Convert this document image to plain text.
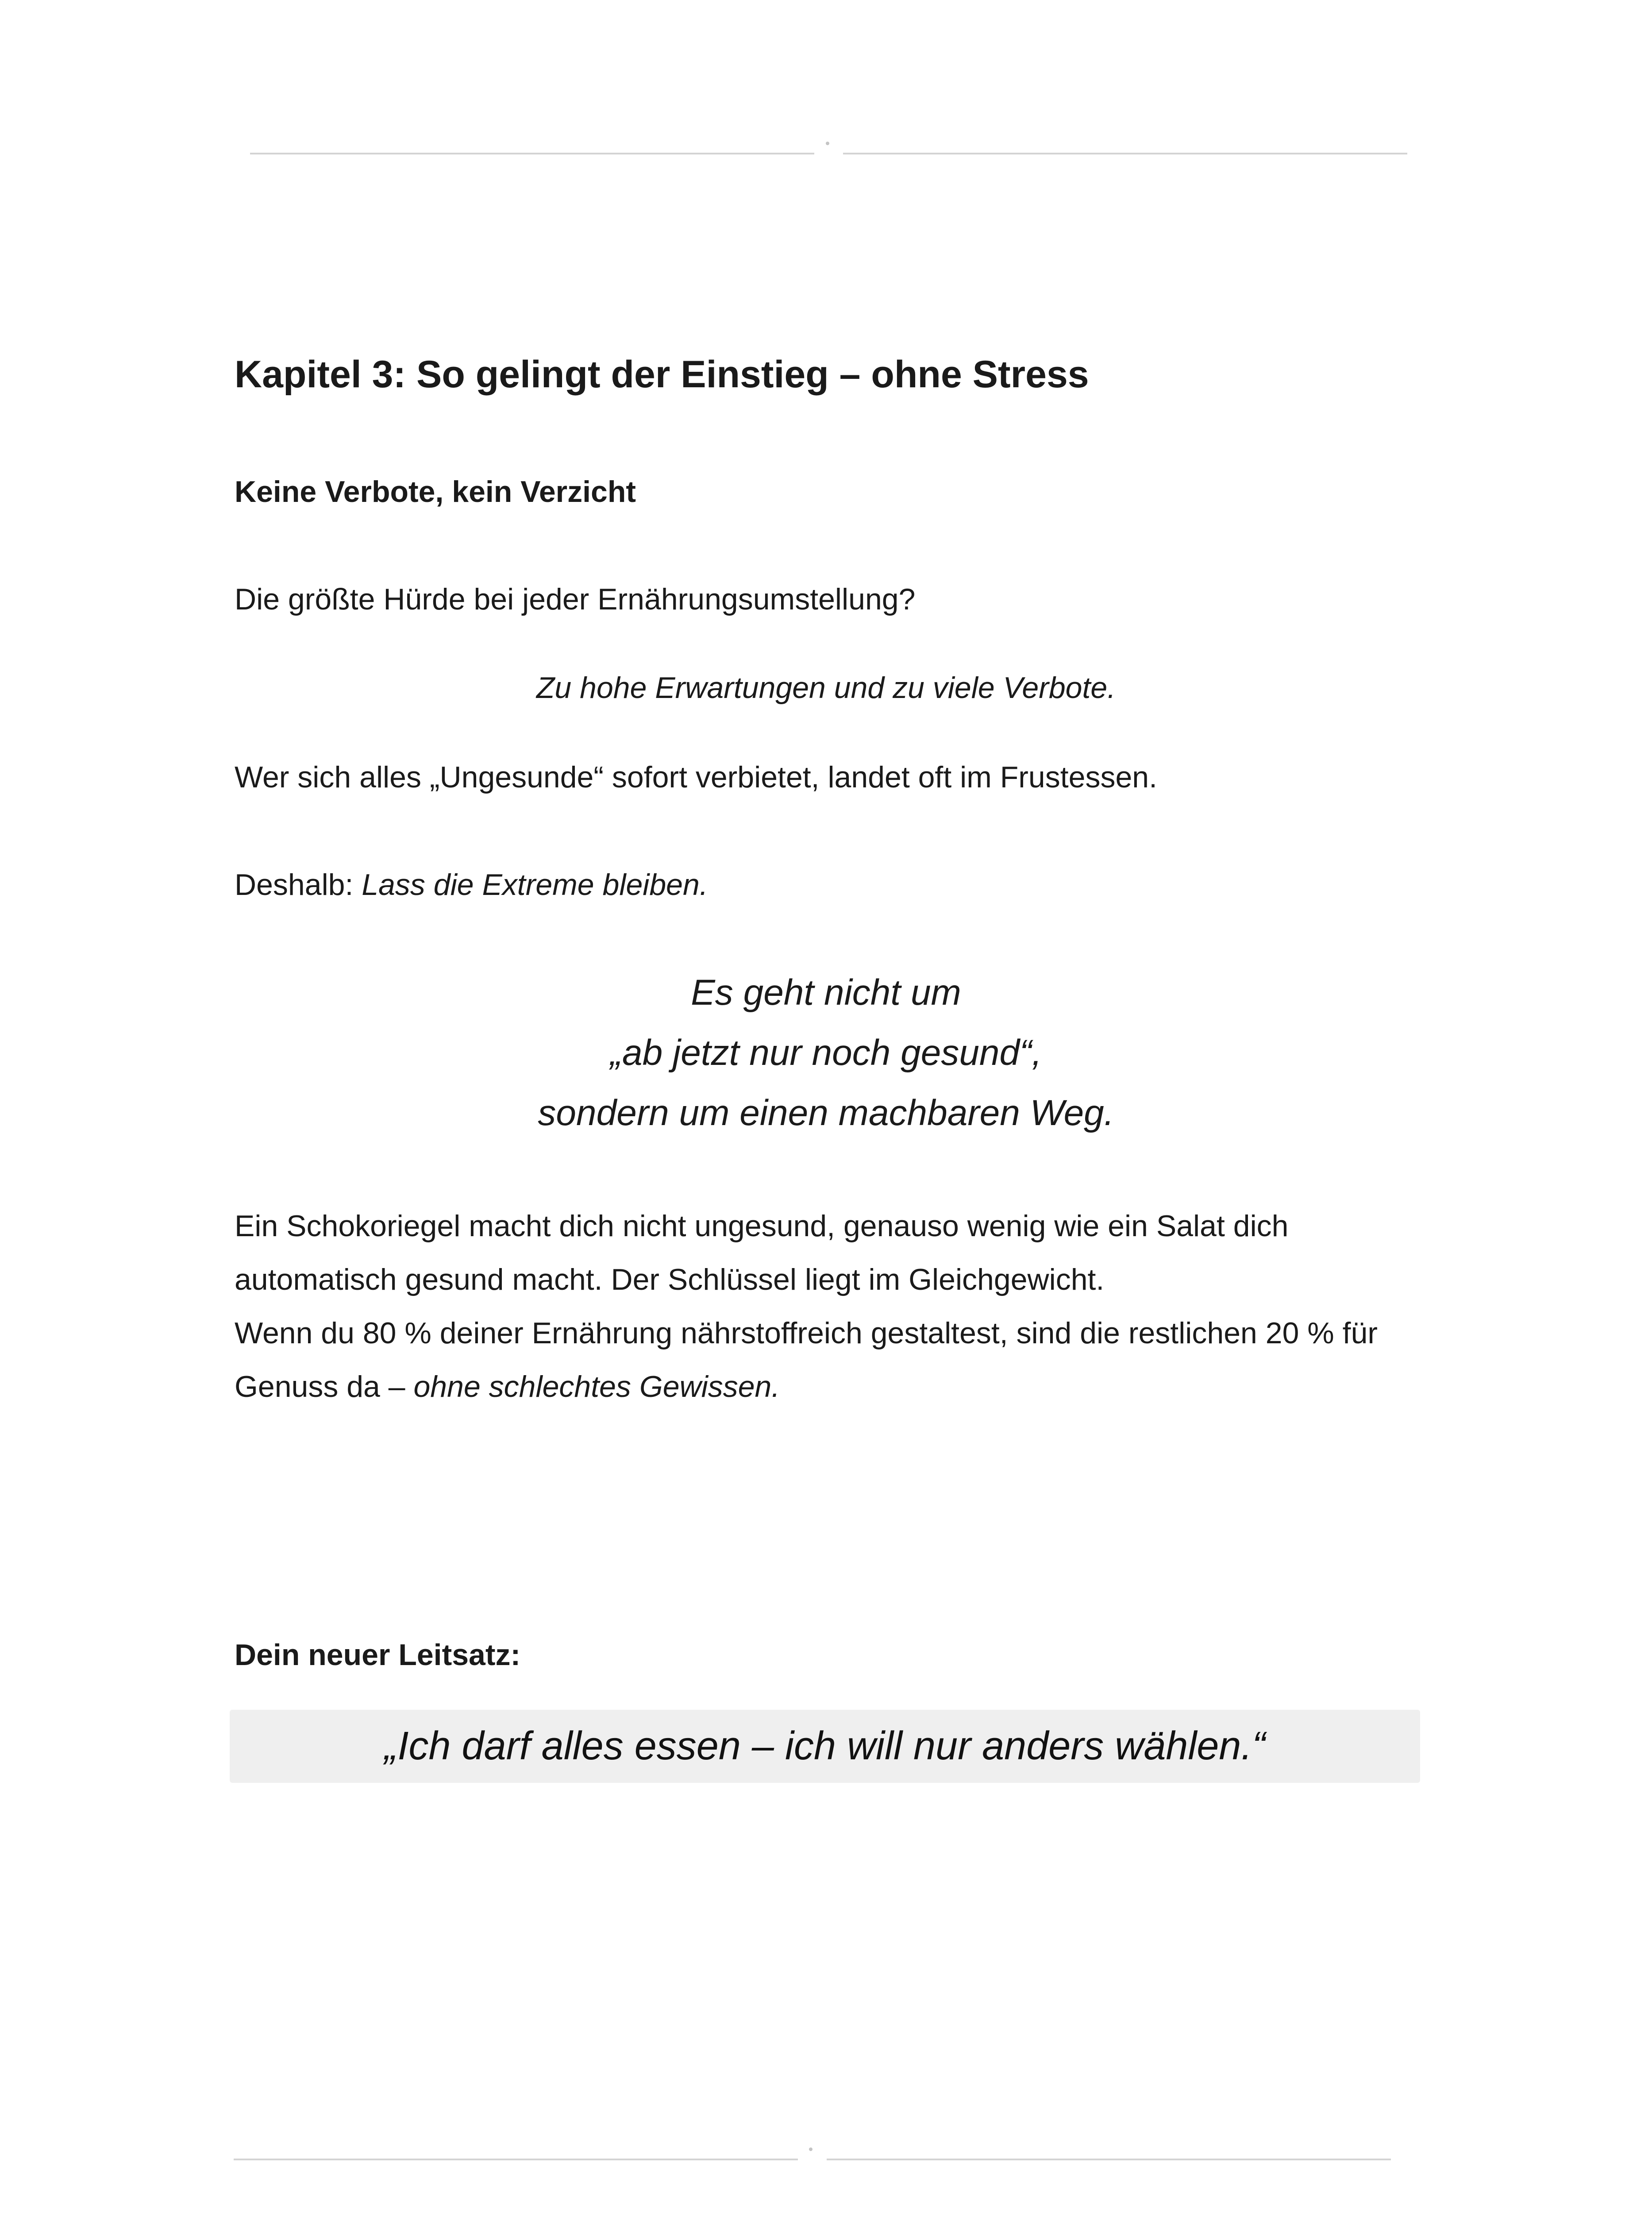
Kapitel 3: So gelingt der Einstieg – ohne Stress
Keine Verbote, kein Verzicht

Die größte Hürde bei jeder Ernährungsumstellung?

Zu hohe Erwartungen und zu viele Verbote.

Wer sich alles „Ungesunde“ sofort verbietet, landet oft im Frustessen.

Deshalb: Lass die Extreme bleiben.

Es geht nicht um
„ab jetzt nur noch gesund“,
sondern um einen machbaren Weg.
Ein Schokoriegel macht dich nicht ungesund, genauso wenig wie ein Salat dich
automatisch gesund macht. Der Schlüssel liegt im Gleichgewicht.
Wenn du 80 % deiner Ernährung nährstoffreich gestaltest, sind die restlichen 20 % für
Genuss da – ohne schlechtes Gewissen.
Dein neuer Leitsatz:
„Ich darf alles essen – ich will nur anders wählen.“
